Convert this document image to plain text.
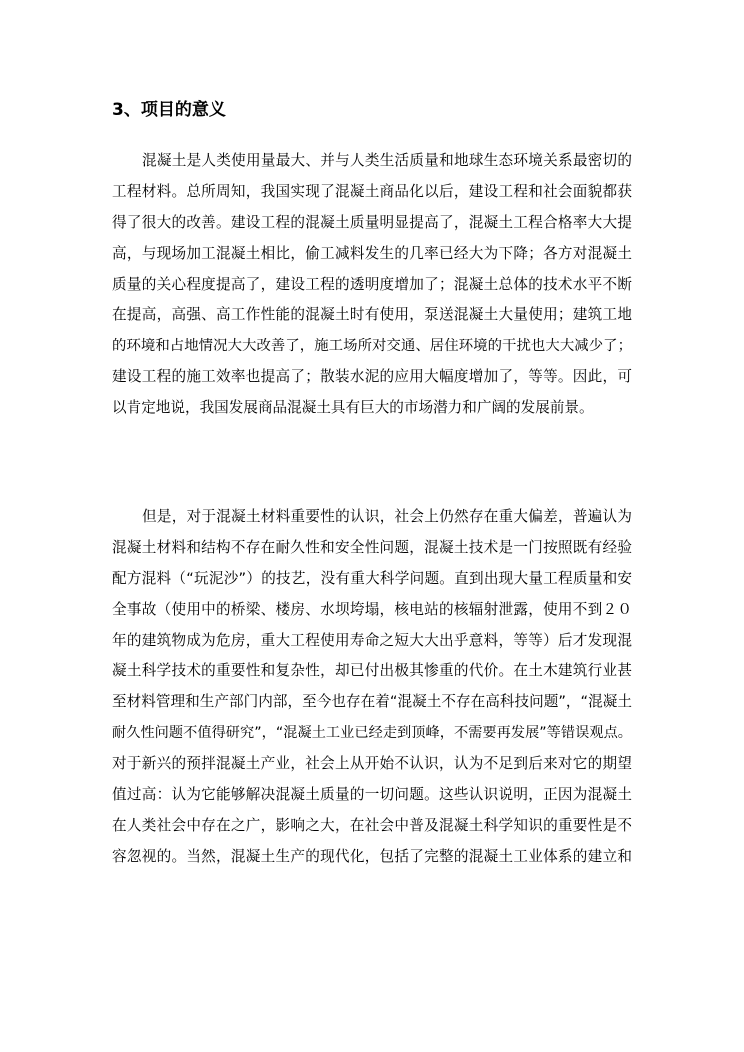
3、项目的意义
混凝土是人类使用量最大、并与人类生活质量和地球生态环境关系最密切的
工程材料。总所周知，我国实现了混凝土商品化以后，建设工程和社会面貌都获
得了很大的改善。建设工程的混凝土质量明显提高了，混凝土工程合格率大大提
高，与现场加工混凝土相比，偷工减料发生的几率已经大为下降；各方对混凝土
质量的关心程度提高了，建设工程的透明度增加了；混凝土总体的技术水平不断
在提高，高强、高工作性能的混凝土时有使用，泵送混凝土大量使用；建筑工地
的环境和占地情况大大改善了，施工场所对交通、居住环境的干扰也大大减少了；
建设工程的施工效率也提高了；散装水泥的应用大幅度增加了，等等。因此，可
以肯定地说，我国发展商品混凝土具有巨大的市场潜力和广阔的发展前景。
但是，对于混凝土材料重要性的认识，社会上仍然存在重大偏差，普遍认为
混凝土材料和结构不存在耐久性和安全性问题，混凝土技术是一门按照既有经验
配方混料（“玩泥沙”）的技艺，没有重大科学问题。直到出现大量工程质量和安
全事故（使用中的桥梁、楼房、水坝垮塌，核电站的核辐射泄露，使用不到２０
年的建筑物成为危房，重大工程使用寿命之短大大出乎意料，等等）后才发现混
凝土科学技术的重要性和复杂性，却已付出极其惨重的代价。在土木建筑行业甚
至材料管理和生产部门内部，至今也存在着“混凝土不存在高科技问题”，“混凝土
耐久性问题不值得研究”，“混凝土工业已经走到顶峰，不需要再发展”等错误观点。
对于新兴的预拌混凝土产业，社会上从开始不认识，认为不足到后来对它的期望
值过高：认为它能够解决混凝土质量的一切问题。这些认识说明，正因为混凝土
在人类社会中存在之广，影响之大，在社会中普及混凝土科学知识的重要性是不
容忽视的。当然，混凝土生产的现代化，包括了完整的混凝土工业体系的建立和
